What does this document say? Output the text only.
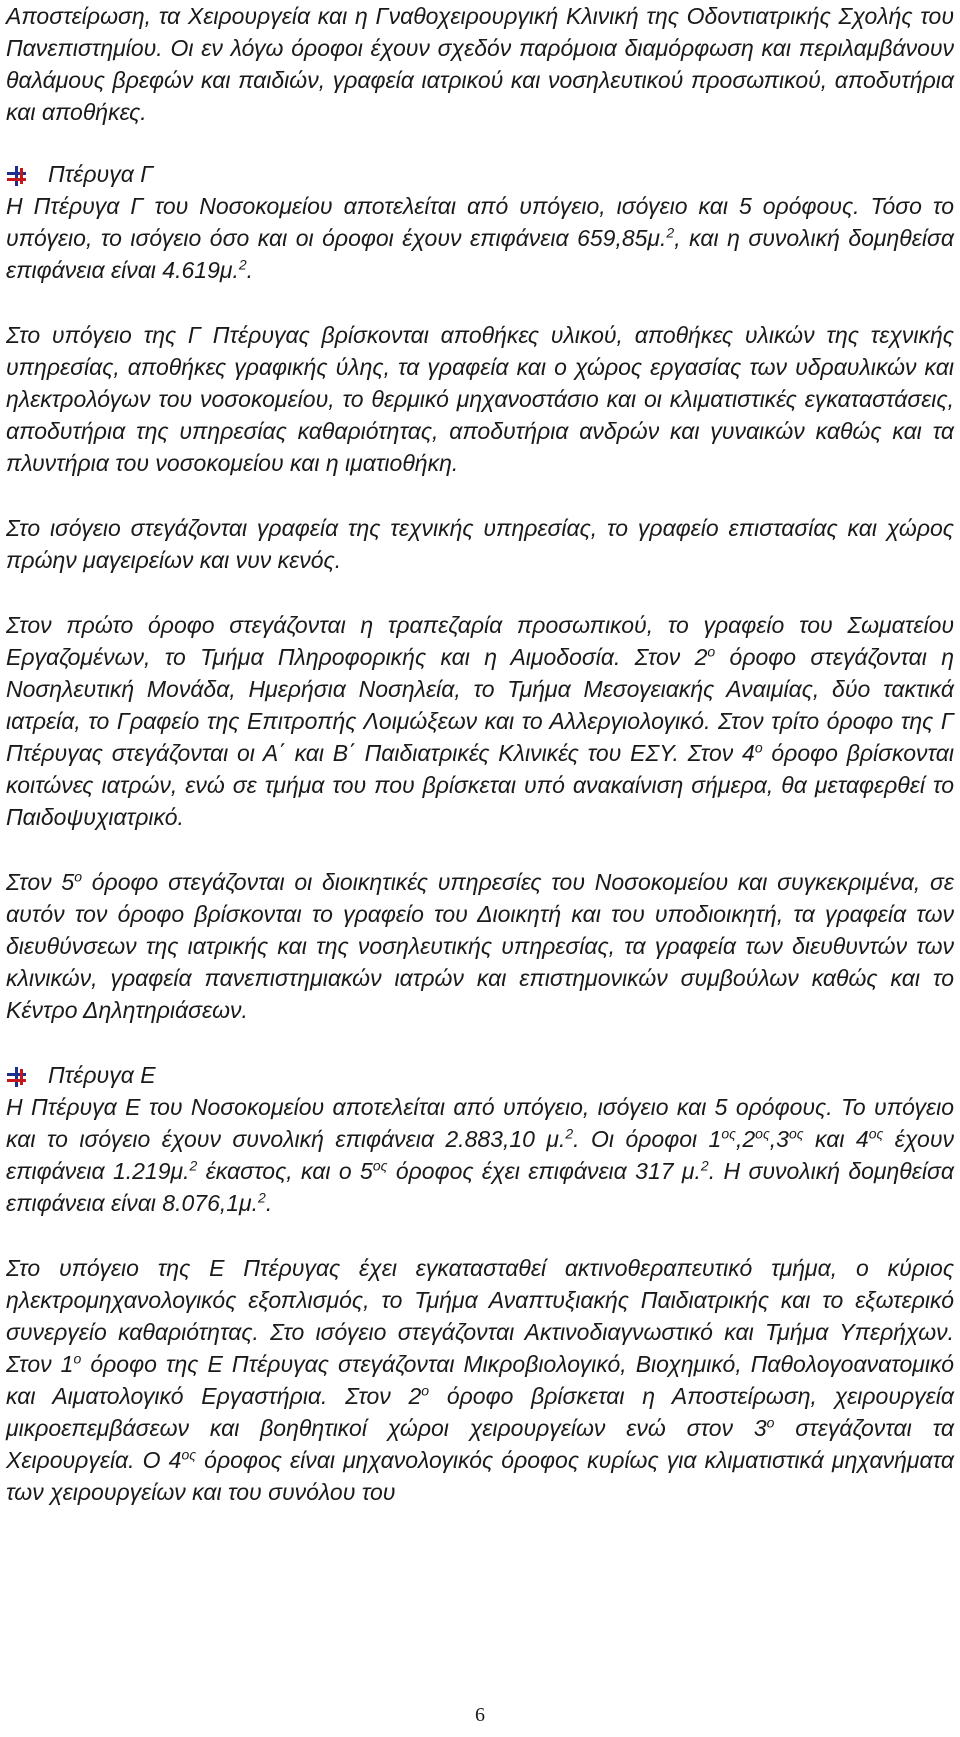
Αποστείρωση, τα Χειρουργεία και η Γναθοχειρουργική Κλινική της Οδοντιατρικής Σχολής του Πανεπιστημίου. Οι εν λόγω όροφοι έχουν σχεδόν παρόμοια διαμόρφωση και περιλαμβάνουν θαλάμους βρεφών και παιδιών, γραφεία ιατρικού και νοσηλευτικού προσωπικού, αποδυτήρια και αποθήκες.

Πτέρυγα Γ

Η Πτέρυγα Γ του Νοσοκομείου αποτελείται από υπόγειο, ισόγειο και 5 ορόφους. Τόσο το υπόγειο, το ισόγειο όσο και οι όροφοι έχουν επιφάνεια 659,85μ.$^2$, και η συνολική δομηθείσα επιφάνεια είναι 4.619μ.$^2$.

Στο υπόγειο της Γ Πτέρυγας βρίσκονται αποθήκες υλικού, αποθήκες υλικών της τεχνικής υπηρεσίας, αποθήκες γραφικής ύλης, τα γραφεία και ο χώρος εργασίας των υδραυλικών και ηλεκτρολόγων του νοσοκομείου, το θερμικό μηχανοστάσιο και οι κλιματιστικές εγκαταστάσεις, αποδυτήρια της υπηρεσίας καθαριότητας, αποδυτήρια ανδρών και γυναικών καθώς και τα πλυντήρια του νοσοκομείου και η ιματιοθήκη.

Στο ισόγειο στεγάζονται γραφεία της τεχνικής υπηρεσίας, το γραφείο επιστασίας και χώρος πρώην μαγειρείων και νυν κενός.

Στον πρώτο όροφο στεγάζονται η τραπεζαρία προσωπικού, το γραφείο του Σωματείου Εργαζομένων, το Τμήμα Πληροφορικής και η Αιμοδοσία. Στον $2^o$ όροφο στεγάζονται η Νοσηλευτική Μονάδα, Ημερήσια Νοσηλεία, το Τμήμα Μεσογειακής Αναιμίας, δύο τακτικά ιατρεία, το Γραφείο της Επιτροπής Λοιμώξεων και το Αλλεργιολογικό. Στον τρίτο όροφο της Γ Πτέρυγας στεγάζονται οι Α΄ και Β΄ Παιδιατρικές Κλινικές του ΕΣΥ. Στον $4^o$ όροφο βρίσκονται κοιτώνες ιατρών, ενώ σε τμήμα του που βρίσκεται υπό ανακαίνιση σήμερα, θα μεταφερθεί το Παιδοψυχιατρικό.

Στον $5^o$ όροφο στεγάζονται οι διοικητικές υπηρεσίες του Νοσοκομείου και συγκεκριμένα, σε αυτόν τον όροφο βρίσκονται το γραφείο του Διοικητή και του υποδιοικητή, τα γραφεία των διευθύνσεων της ιατρικής και της νοσηλευτικής υπηρεσίας, τα γραφεία των διευθυντών των κλινικών, γραφεία πανεπιστημιακών ιατρών και επιστημονικών συμβούλων καθώς και το Κέντρο Δηλητηριάσεων.

Πτέρυγα Ε

Η Πτέρυγα Ε του Νοσοκομείου αποτελείται από υπόγειο, ισόγειο και 5 ορόφους. Το υπόγειο και το ισόγειο έχουν συνολική επιφάνεια 2.883,10 μ.$^2$. Οι όροφοι $1^{o\varsigma},2^{o\varsigma},3^{o\varsigma}$ και $4^{o\varsigma}$ έχουν επιφάνεια 1.219μ.$^2$ έκαστος, και ο $5^{o\varsigma}$ όροφος έχει επιφάνεια 317 μ.$^2$. Η συνολική δομηθείσα επιφάνεια είναι 8.076,1μ.$^2$.

Στο υπόγειο της Ε Πτέρυγας έχει εγκατασταθεί ακτινοθεραπευτικό τμήμα, ο κύριος ηλεκτρομηχανολογικός εξοπλισμός, το Τμήμα Αναπτυξιακής Παιδιατρικής και το εξωτερικό συνεργείο καθαριότητας. Στο ισόγειο στεγάζονται Ακτινοδιαγνωστικό και Τμήμα Υπερήχων. Στον $1^o$ όροφο της Ε Πτέρυγας στεγάζονται Μικροβιολογικό, Βιοχημικό, Παθολογοανατομικό και Αιματολογικό Εργαστήρια. Στον $2^o$ όροφο βρίσκεται η Αποστείρωση, χειρουργεία μικροεπεμβάσεων και βοηθητικοί χώροι χειρουργείων ενώ στον $3^o$ στεγάζονται τα Χειρουργεία. Ο $4^{o\varsigma}$ όροφος είναι μηχανολογικός όροφος κυρίως για κλιματιστικά μηχανήματα των χειρουργείων και του συνόλου του

6
